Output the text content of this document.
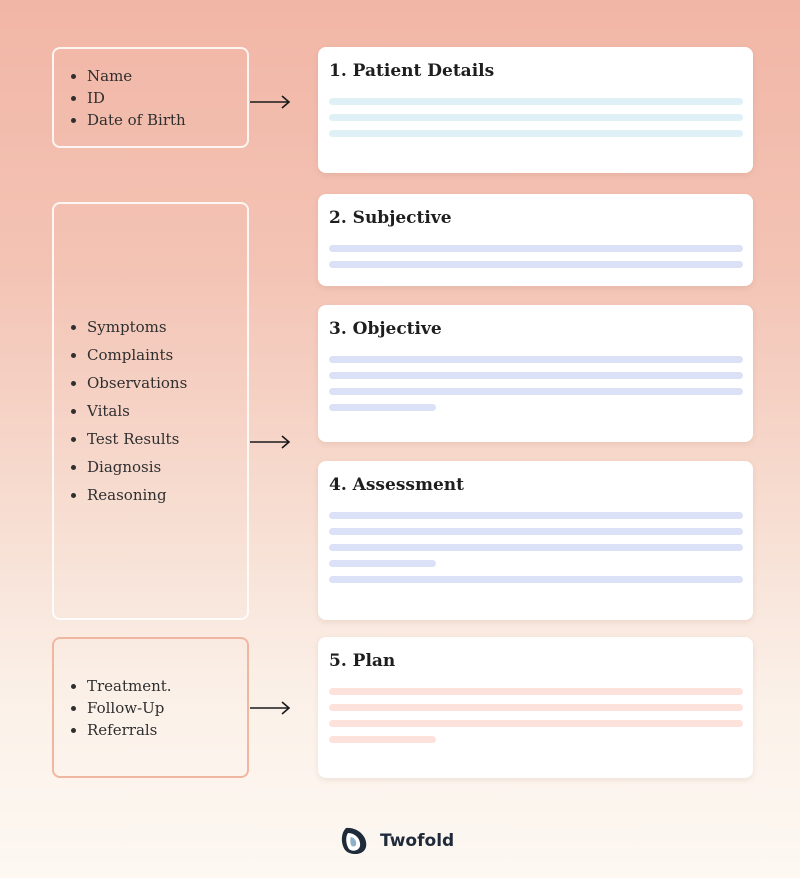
• Name
• ID
• Date of Birth
• Symptoms
• Complaints
• Observations
• Vitals
• Test Results
• Diagnosis
• Reasoning
• Treatment.
• Follow-Up
• Referrals
1. Patient Details
2. Subjective
3. Objective
4. Assessment
5. Plan
Twofold
